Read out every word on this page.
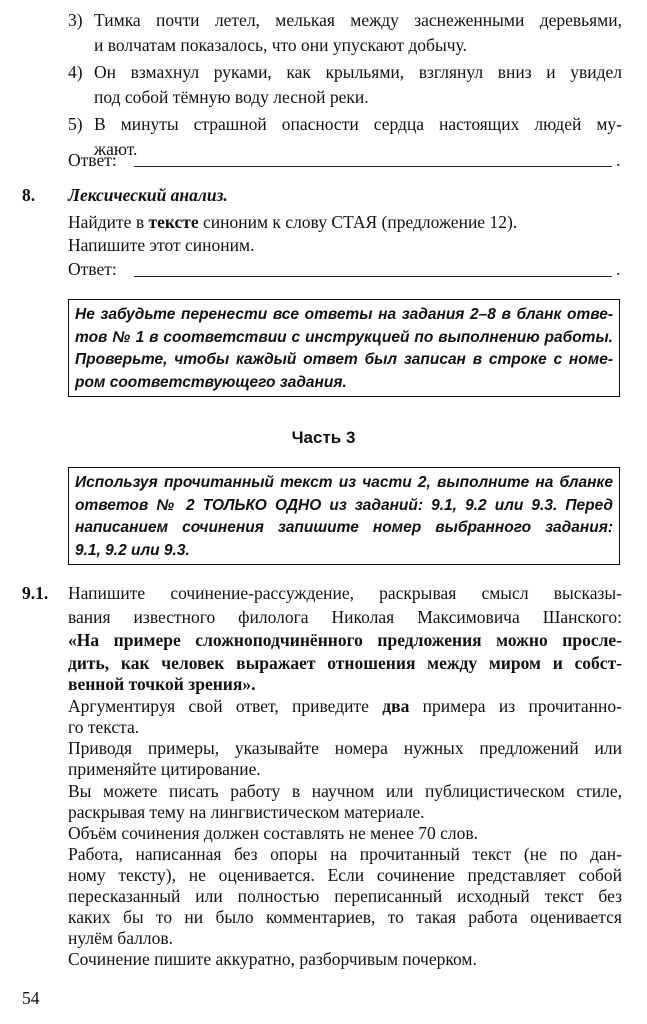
3) Тимка почти летел, мелькая между заснеженными деревьями,
и волчатам показалось, что они упускают добычу.
4) Он взмахнул руками, как крыльями, взглянул вниз и увидел
под собой тёмную воду лесной реки.
5) В минуты страшной опасности сердца настоящих людей му-
жают.
Ответ:	.
8. Лексический анализ.
Найдите в тексте синоним к слову СТАЯ (предложение 12).
Напишите этот синоним.
Ответ:	.
Не забудьте перенести все ответы на задания 2–8 в бланк отве-
тов № 1 в соответствии с инструкцией по выполнению работы.
Проверьте, чтобы каждый ответ был записан в строке с номе-
ром соответствующего задания.
Часть 3
Используя прочитанный текст из части 2, выполните на бланке
ответов № 2 ТОЛЬКО ОДНО из заданий: 9.1, 9.2 или 9.3. Перед
написанием сочинения запишите номер выбранного задания:
9.1, 9.2 или 9.3.
9.1. Напишите сочинение-рассуждение, раскрывая смысл высказы-
вания известного филолога Николая Максимовича Шанского:
«На примере сложноподчинённого предложения можно просле-
дить, как человек выражает отношения между миром и собст-
венной точкой зрения».
Аргументируя свой ответ, приведите два примера из прочитанно-
го текста.
Приводя примеры, указывайте номера нужных предложений или
применяйте цитирование.
Вы можете писать работу в научном или публицистическом стиле,
раскрывая тему на лингвистическом материале.
Объём сочинения должен составлять не менее 70 слов.
Работа, написанная без опоры на прочитанный текст (не по дан-
ному тексту), не оценивается. Если сочинение представляет собой
пересказанный или полностью переписанный исходный текст без
каких бы то ни было комментариев, то такая работа оценивается
нулём баллов.
Сочинение пишите аккуратно, разборчивым почерком.
54
